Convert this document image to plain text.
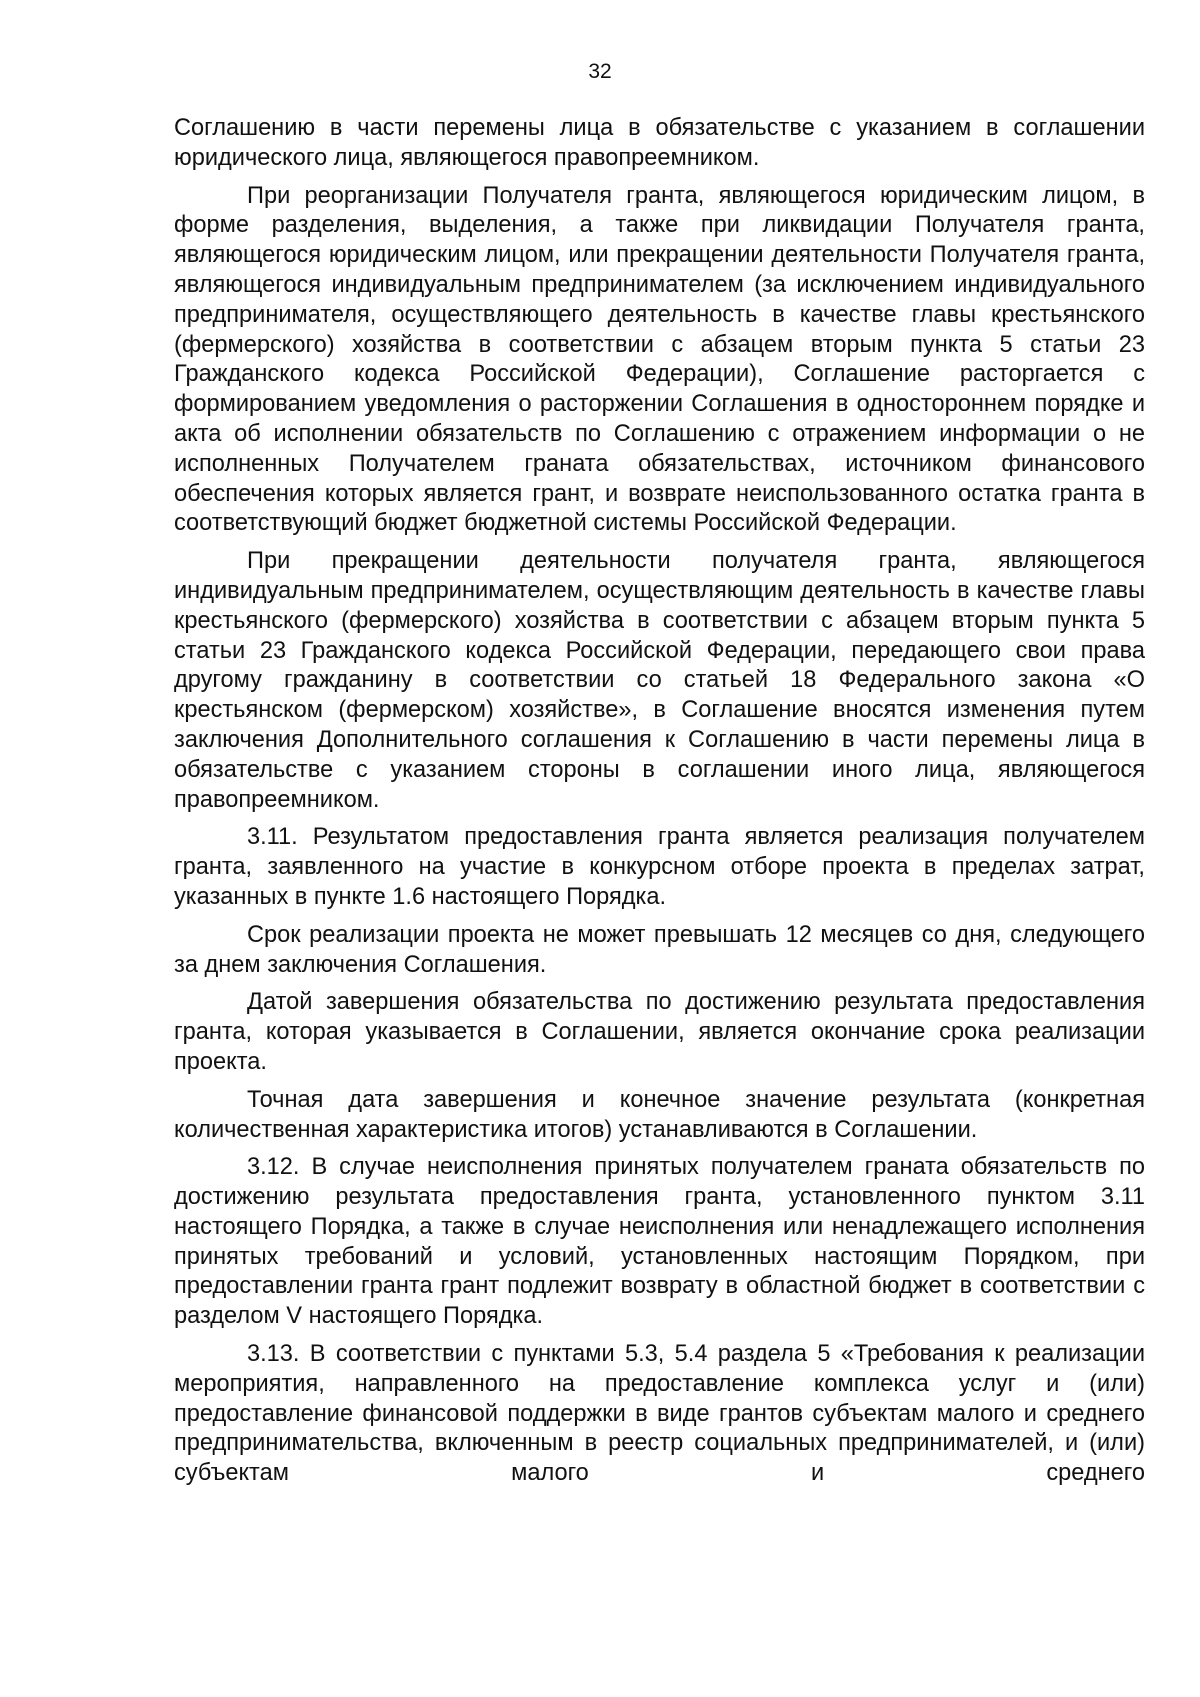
32

Соглашению в части перемены лица в обязательстве с указанием в соглашении юридического лица, являющегося правопреемником.

При реорганизации Получателя гранта, являющегося юридическим лицом, в форме разделения, выделения, а также при ликвидации Получателя гранта, являющегося юридическим лицом, или прекращении деятельности Получателя гранта, являющегося индивидуальным предпринимателем (за исключением индивидуального предпринимателя, осуществляющего деятельность в качестве главы крестьянского (фермерского) хозяйства в соответствии с абзацем вторым пункта 5 статьи 23 Гражданского кодекса Российской Федерации), Соглашение расторгается с формированием уведомления о расторжении Соглашения в одностороннем порядке и акта об исполнении обязательств по Соглашению с отражением информации о не исполненных Получателем граната обязательствах, источником финансового обеспечения которых является грант, и возврате неиспользованного остатка гранта в соответствующий бюджет бюджетной системы Российской Федерации.

При прекращении деятельности получателя гранта, являющегося индивидуальным предпринимателем, осуществляющим деятельность в качестве главы крестьянского (фермерского) хозяйства в соответствии с абзацем вторым пункта 5 статьи 23 Гражданского кодекса Российской Федерации, передающего свои права другому гражданину в соответствии со статьей 18 Федерального закона «О крестьянском (фермерском) хозяйстве», в Соглашение вносятся изменения путем заключения Дополнительного соглашения к Соглашению в части перемены лица в обязательстве с указанием стороны в соглашении иного лица, являющегося правопреемником.

3.11. Результатом предоставления гранта является реализация получателем гранта, заявленного на участие в конкурсном отборе проекта в пределах затрат, указанных в пункте 1.6 настоящего Порядка.

Срок реализации проекта не может превышать 12 месяцев со дня, следующего за днем заключения Соглашения.

Датой завершения обязательства по достижению результата предоставления гранта, которая указывается в Соглашении, является окончание срока реализации проекта.

Точная дата завершения и конечное значение результата (конкретная количественная характеристика итогов) устанавливаются в Соглашении.

3.12. В случае неисполнения принятых получателем граната обязательств по достижению результата предоставления гранта, установленного пунктом 3.11 настоящего Порядка, а также в случае неисполнения или ненадлежащего исполнения принятых требований и условий, установленных настоящим Порядком, при предоставлении гранта грант подлежит возврату в областной бюджет в соответствии с разделом V настоящего Порядка.

3.13. В соответствии с пунктами 5.3, 5.4 раздела 5 «Требования к реализации мероприятия, направленного на предоставление комплекса услуг и (или) предоставление финансовой поддержки в виде грантов субъектам малого и среднего предпринимательства, включенным в реестр социальных предпринимателей, и (или) субъектам малого и среднего
